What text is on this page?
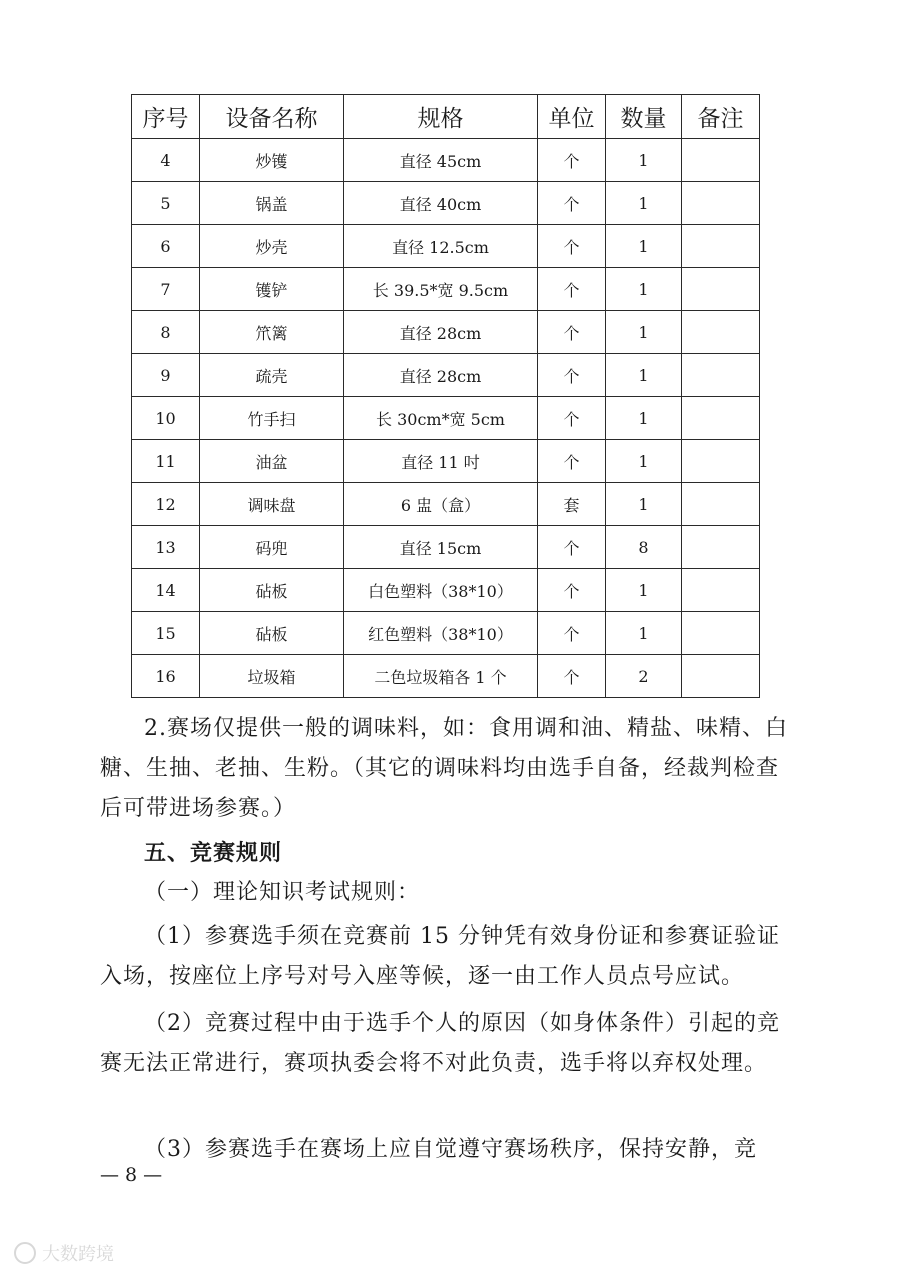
序号	设备名称	规格	单位	数量	备注
4	炒镬	直径 45cm	个	1	
5	锅盖	直径 40cm	个	1	
6	炒壳	直径 12.5cm	个	1	
7	镬铲	长 39.5*宽 9.5cm	个	1	
8	笊篱	直径 28cm	个	1	
9	疏壳	直径 28cm	个	1	
10	竹手扫	长 30cm*宽 5cm	个	1	
11	油盆	直径 11 吋	个	1	
12	调味盘	6 盅（盒）	套	1	
13	码兜	直径 15cm	个	8	
14	砧板	白色塑料（38*10）	个	1	
15	砧板	红色塑料（38*10）	个	1	
16	垃圾箱	二色垃圾箱各 1 个	个	2	

2.赛场仅提供一般的调味料，如：食用调和油、精盐、味精、白糖、生抽、老抽、生粉。（其它的调味料均由选手自备，经裁判检查后可带进场参赛。）

五、竞赛规则

（一）理论知识考试规则：

（1）参赛选手须在竞赛前 15 分钟凭有效身份证和参赛证验证入场，按座位上序号对号入座等候，逐一由工作人员点号应试。

（2）竞赛过程中由于选手个人的原因（如身体条件）引起的竞赛无法正常进行，赛项执委会将不对此负责，选手将以弃权处理。

（3）参赛选手在赛场上应自觉遵守赛场秩序，保持安静，竞

— 8 —
大数跨境
